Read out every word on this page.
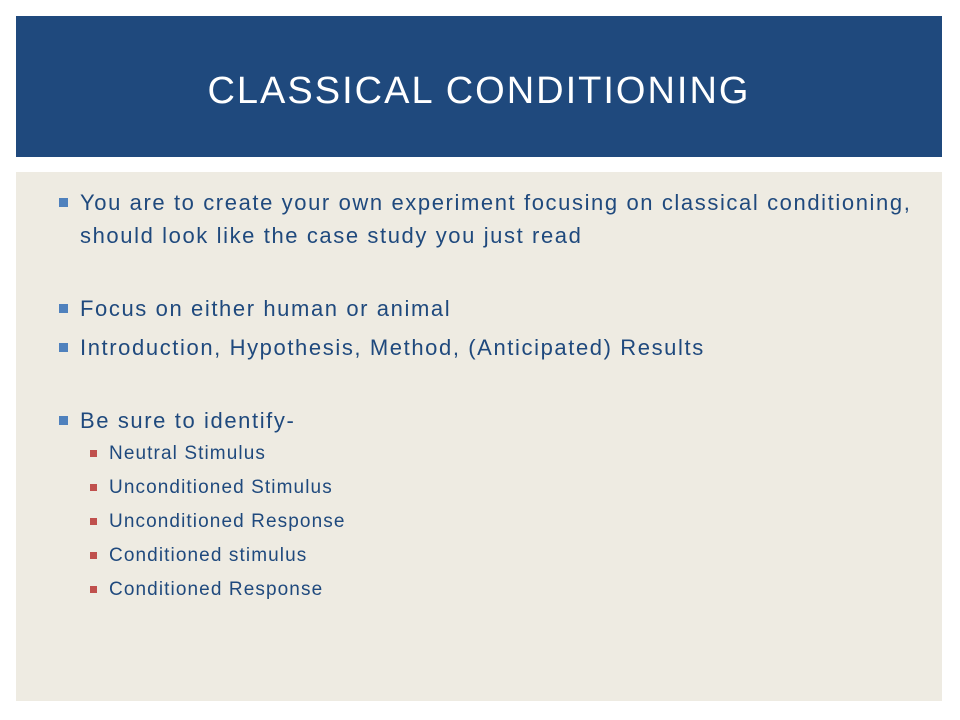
CLASSICAL CONDITIONING
You are to create your own experiment focusing on classical conditioning, should look like the case study you just read
Focus on either human or animal
Introduction, Hypothesis, Method, (Anticipated) Results
Be sure to identify-
Neutral Stimulus
Unconditioned Stimulus
Unconditioned Response
Conditioned stimulus
Conditioned Response
